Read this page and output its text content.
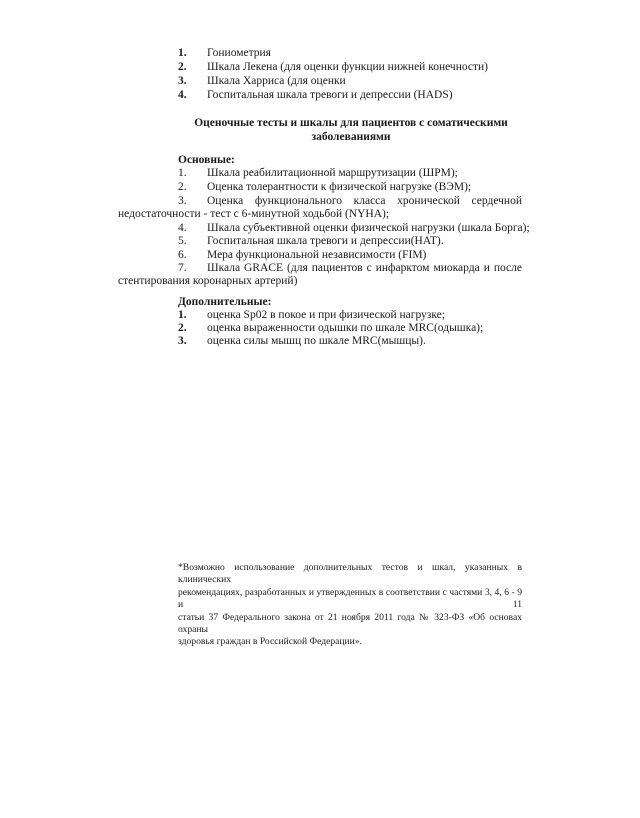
1. Гониометрия
2. Шкала Лекена (для оценки функции нижней конечности)
3. Шкала Харриса (для оценки
4. Госпитальная шкала тревоги и депрессии (HADS)
Оценочные тесты и шкалы для пациентов с соматическими
заболеваниями
Основные:
1. Шкала реабилитационной маршрутизации (ШРМ);
2. Оценка толерантности к физической нагрузке (ВЭМ);
3. Оценка функционального класса хронической сердечной
недостаточности - тест с 6-минутной ходьбой (NYHA);
4. Шкала субъективной оценки физической нагрузки (шкала Борга);
5. Госпитальная шкала тревоги и депрессии(HAT).
6. Мера функциональной независимости (FIM)
7. Шкала GRACE (для пациентов с инфарктом миокарда и после
стентирования коронарных артерий)
Дополнительные:
1. оценка Sp02 в покое и при физической нагрузке;
2. оценка выраженности одышки по шкале MRC(одышка);
3. оценка силы мышц по шкале MRC(мышцы).
*Возможно использование дополнительных тестов и шкал, указанных в клинических
рекомендациях, разработанных и утвержденных в соответствии с частями 3, 4, 6 - 9 и 11
статьи 37 Федерального закона от 21 ноября 2011 года № 323-ФЗ «Об основах охраны
здоровья граждан в Российской Федерации».
